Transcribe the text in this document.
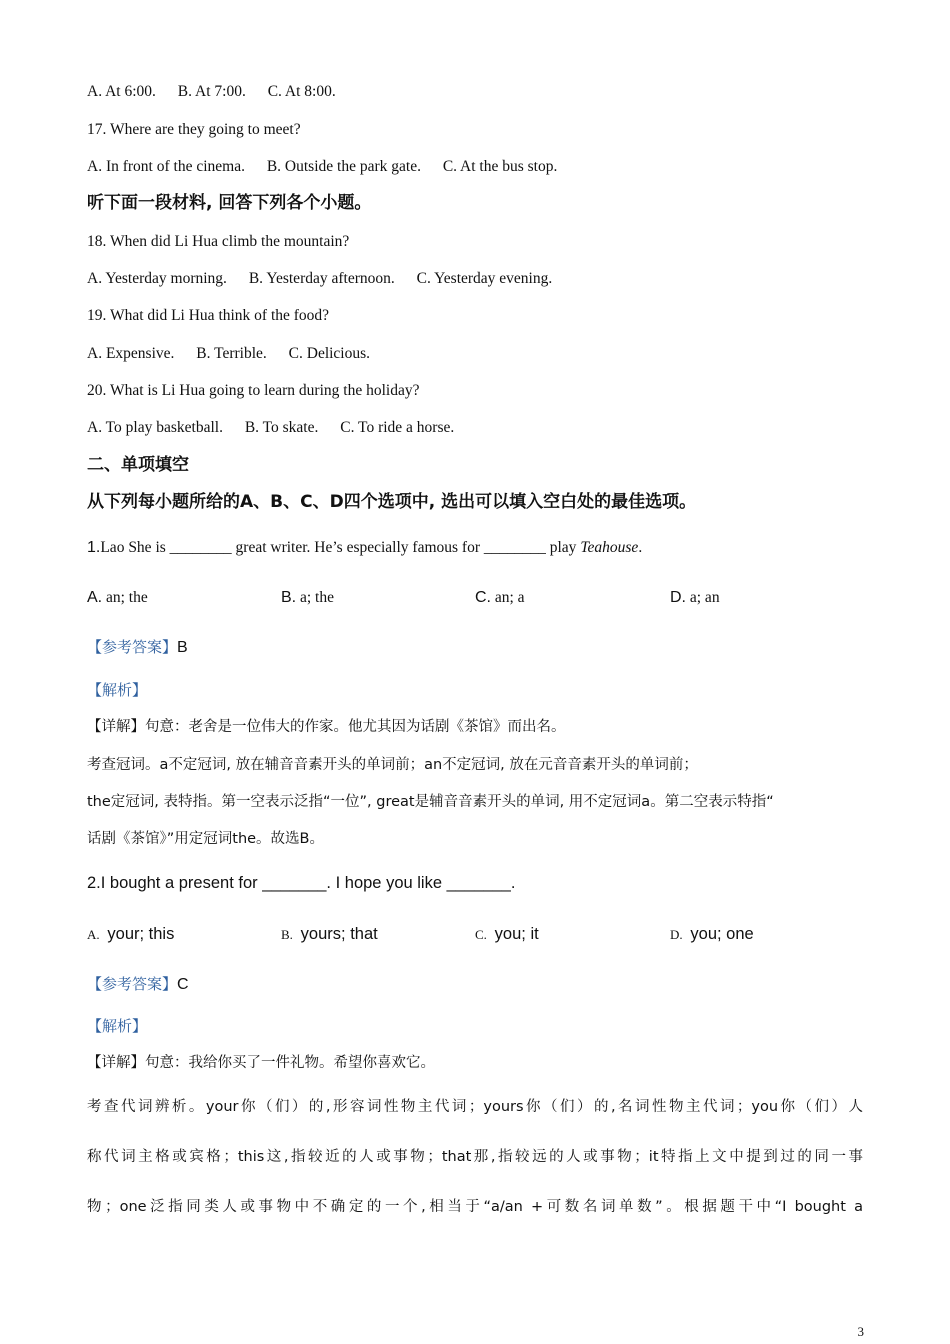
A. At 6:00. B. At 7:00. C. At 8:00.
17. Where are they going to meet?
A. In front of the cinema. B. Outside the park gate. C. At the bus stop.
听下面一段材料, 回答下列各个小题。
18. When did Li Hua climb the mountain?
A. Yesterday morning. B. Yesterday afternoon. C. Yesterday evening.
19. What did Li Hua think of the food?
A. Expensive. B. Terrible. C. Delicious.
20. What is Li Hua going to learn during the holiday?
A. To play basketball. B. To skate. C. To ride a horse.
二、单项填空
从下列每小题所给的A、B、C、D四个选项中, 选出可以填入空白处的最佳选项。
1.Lao She is ________ great writer. He’s especially famous for ________ play Teahouse.
A. an; the	B. a; the	C. an; a	D. a; an
【参考答案】B
【解析】
【详解】句意：老舍是一位伟大的作家。他尤其因为话剧《茶馆》而出名。
考查冠词。a不定冠词, 放在辅音音素开头的单词前；an不定冠词, 放在元音音素开头的单词前；
the定冠词, 表特指。第一空表示泛指“一位”, great是辅音音素开头的单词, 用不定冠词a。第二空表示特指“
话剧《茶馆》”用定冠词the。故选B。
2.I bought a present for _______. I hope you like _______.
A. your; this	B. yours; that	C. you; it	D. you; one
【参考答案】C
【解析】
【详解】句意：我给你买了一件礼物。希望你喜欢它。
考查代词辨析。your你（们）的,形容词性物主代词；yours你（们）的,名词性物主代词；you你（们）人
称代词主格或宾格；this这,指较近的人或事物；that那,指较远的人或事物；it特指上文中提到过的同一事
物；one泛指同类人或事物中不确定的一个,相当于“a/an +可数名词单数”。根据题干中“I bought a
3
